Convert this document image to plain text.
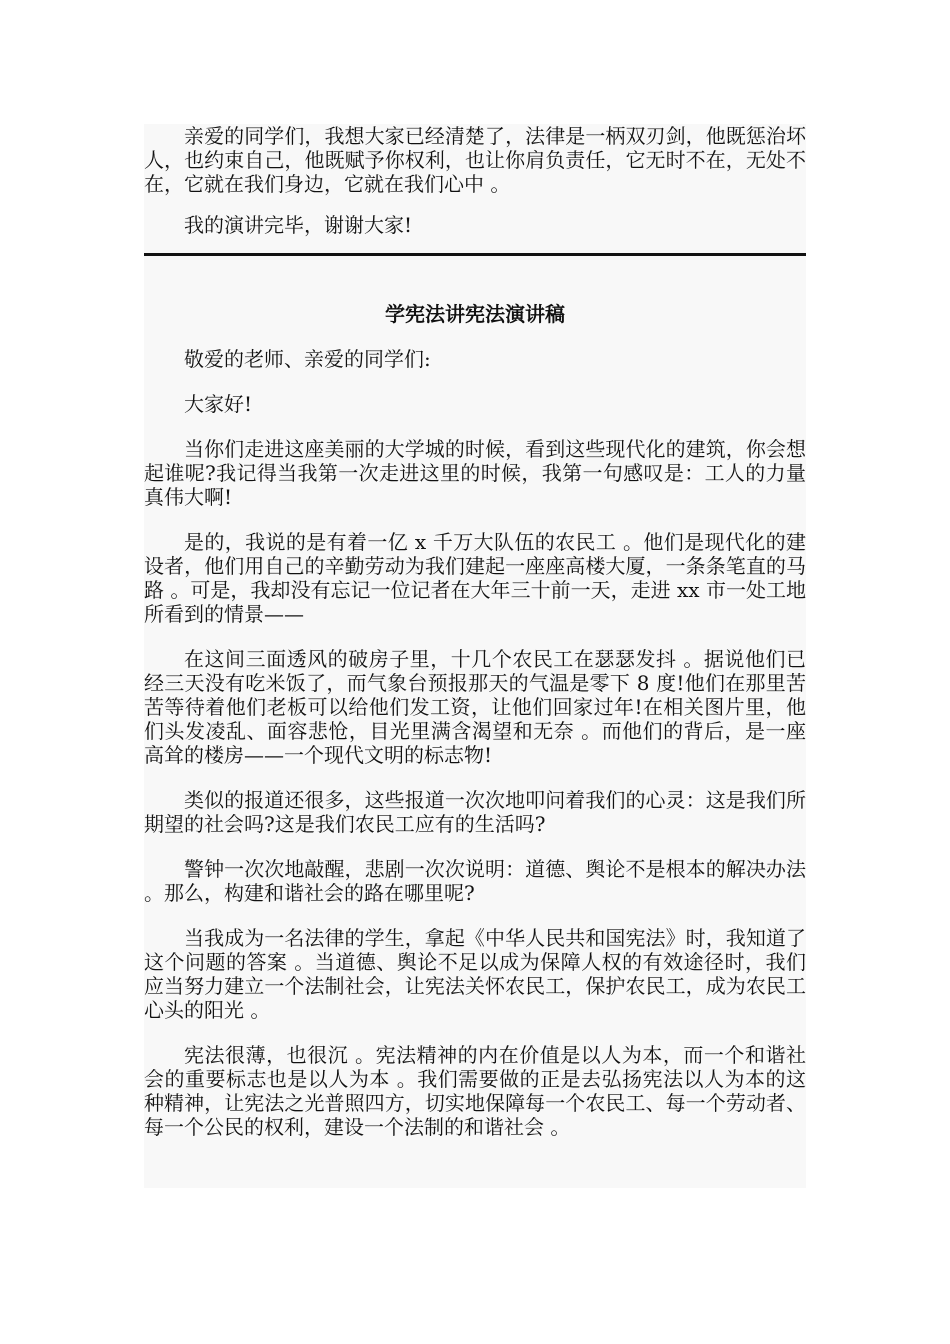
亲爱的同学们，我想大家已经清楚了，法律是一柄双刃剑，他既惩治坏人，也约束自己，他既赋予你权利，也让你肩负责任，它无时不在，无处不在，它就在我们身边，它就在我们心中 。

我的演讲完毕，谢谢大家!

学宪法讲宪法演讲稿

敬爱的老师、亲爱的同学们:

大家好!

当你们走进这座美丽的大学城的时候，看到这些现代化的建筑，你会想起谁呢?我记得当我第一次走进这里的时候，我第一句感叹是：工人的力量真伟大啊!

是的，我说的是有着一亿 x 千万大队伍的农民工 。他们是现代化的建设者，他们用自己的辛勤劳动为我们建起一座座高楼大厦，一条条笔直的马路 。可是，我却没有忘记一位记者在大年三十前一天，走进 xx 市一处工地所看到的情景——

在这间三面透风的破房子里，十几个农民工在瑟瑟发抖 。据说他们已经三天没有吃米饭了，而气象台预报那天的气温是零下 8 度!他们在那里苦苦等待着他们老板可以给他们发工资，让他们回家过年!在相关图片里，他们头发凌乱、面容悲怆，目光里满含渴望和无奈 。而他们的背后，是一座高耸的楼房——一个现代文明的标志物!

类似的报道还很多，这些报道一次次地叩问着我们的心灵：这是我们所期望的社会吗?这是我们农民工应有的生活吗?

警钟一次次地敲醒，悲剧一次次说明：道德、舆论不是根本的解决办法 。那么，构建和谐社会的路在哪里呢?

当我成为一名法律的学生，拿起《中华人民共和国宪法》时，我知道了这个问题的答案 。当道德、舆论不足以成为保障人权的有效途径时，我们应当努力建立一个法制社会，让宪法关怀农民工，保护农民工，成为农民工心头的阳光 。

宪法很薄，也很沉 。宪法精神的内在价值是以人为本，而一个和谐社会的重要标志也是以人为本 。我们需要做的正是去弘扬宪法以人为本的这种精神，让宪法之光普照四方，切实地保障每一个农民工、每一个劳动者、每一个公民的权利，建设一个法制的和谐社会 。
